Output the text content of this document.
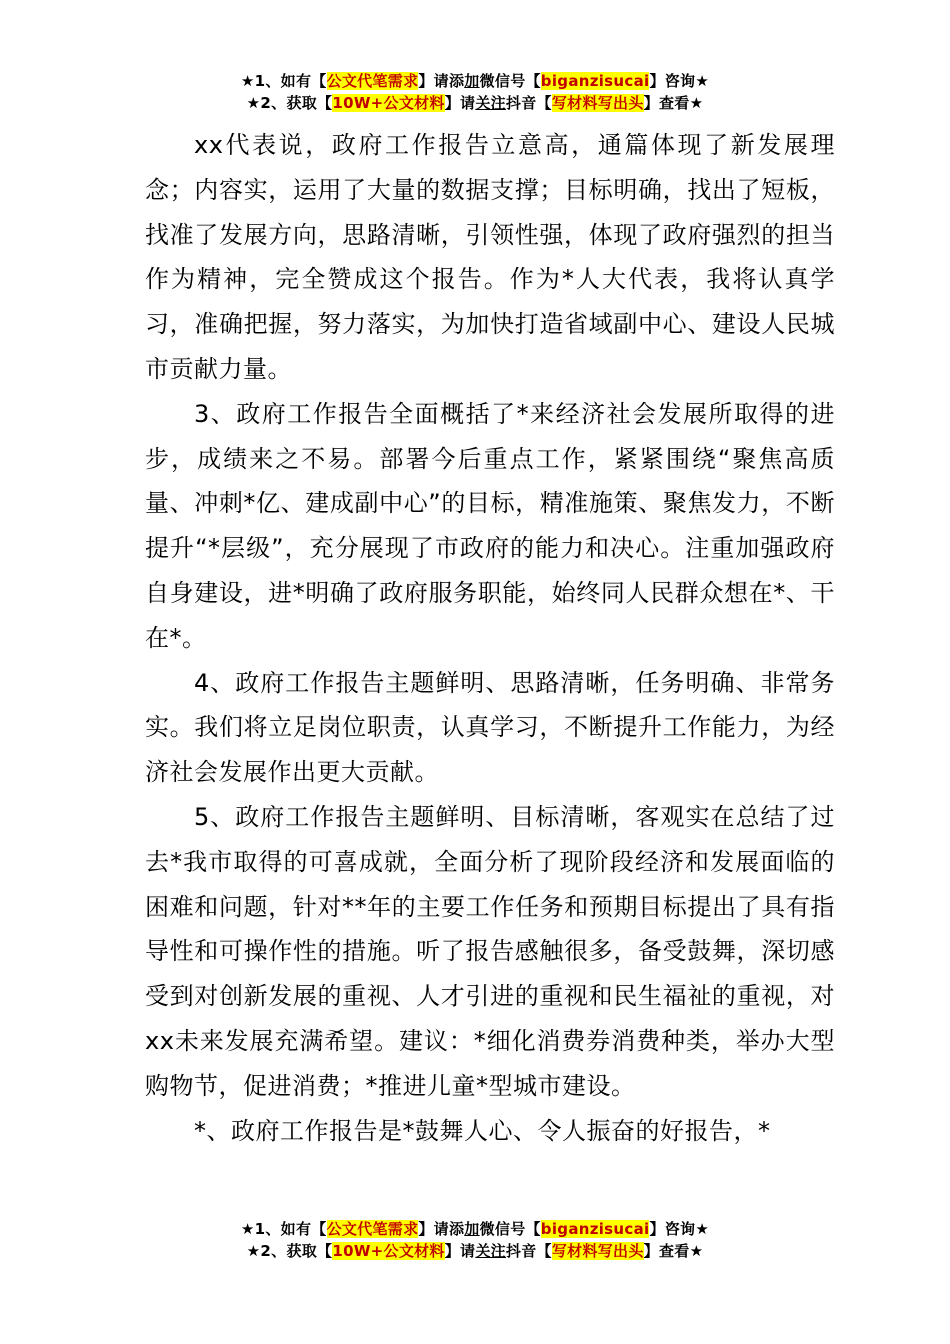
★1、如有【公文代笔需求】请添加微信号【biganzisucai】咨询★
★2、获取【10W+公文材料】请关注抖音【写材料写出头】查看★

xx代表说，政府工作报告立意高，通篇体现了新发展理念；内容实，运用了大量的数据支撑；目标明确，找出了短板，找准了发展方向，思路清晰，引领性强，体现了政府强烈的担当作为精神，完全赞成这个报告。作为*人大代表，我将认真学习，准确把握，努力落实，为加快打造省域副中心、建设人民城市贡献力量。

3、政府工作报告全面概括了*来经济社会发展所取得的进步，成绩来之不易。部署今后重点工作，紧紧围绕“聚焦高质量、冲刺*亿、建成副中心”的目标，精准施策、聚焦发力，不断提升“*层级”，充分展现了市政府的能力和决心。注重加强政府自身建设，进*明确了政府服务职能，始终同人民群众想在*、干在*。

4、政府工作报告主题鲜明、思路清晰，任务明确、非常务实。我们将立足岗位职责，认真学习，不断提升工作能力，为经济社会发展作出更大贡献。

5、政府工作报告主题鲜明、目标清晰，客观实在总结了过去*我市取得的可喜成就，全面分析了现阶段经济和发展面临的困难和问题，针对**年的主要工作任务和预期目标提出了具有指导性和可操作性的措施。听了报告感触很多，备受鼓舞，深切感受到对创新发展的重视、人才引进的重视和民生福祉的重视，对xx未来发展充满希望。建议：*细化消费券消费种类，举办大型购物节，促进消费；*推进儿童*型城市建设。

*、政府工作报告是*鼓舞人心、令人振奋的好报告，*

★1、如有【公文代笔需求】请添加微信号【biganzisucai】咨询★
★2、获取【10W+公文材料】请关注抖音【写材料写出头】查看★
